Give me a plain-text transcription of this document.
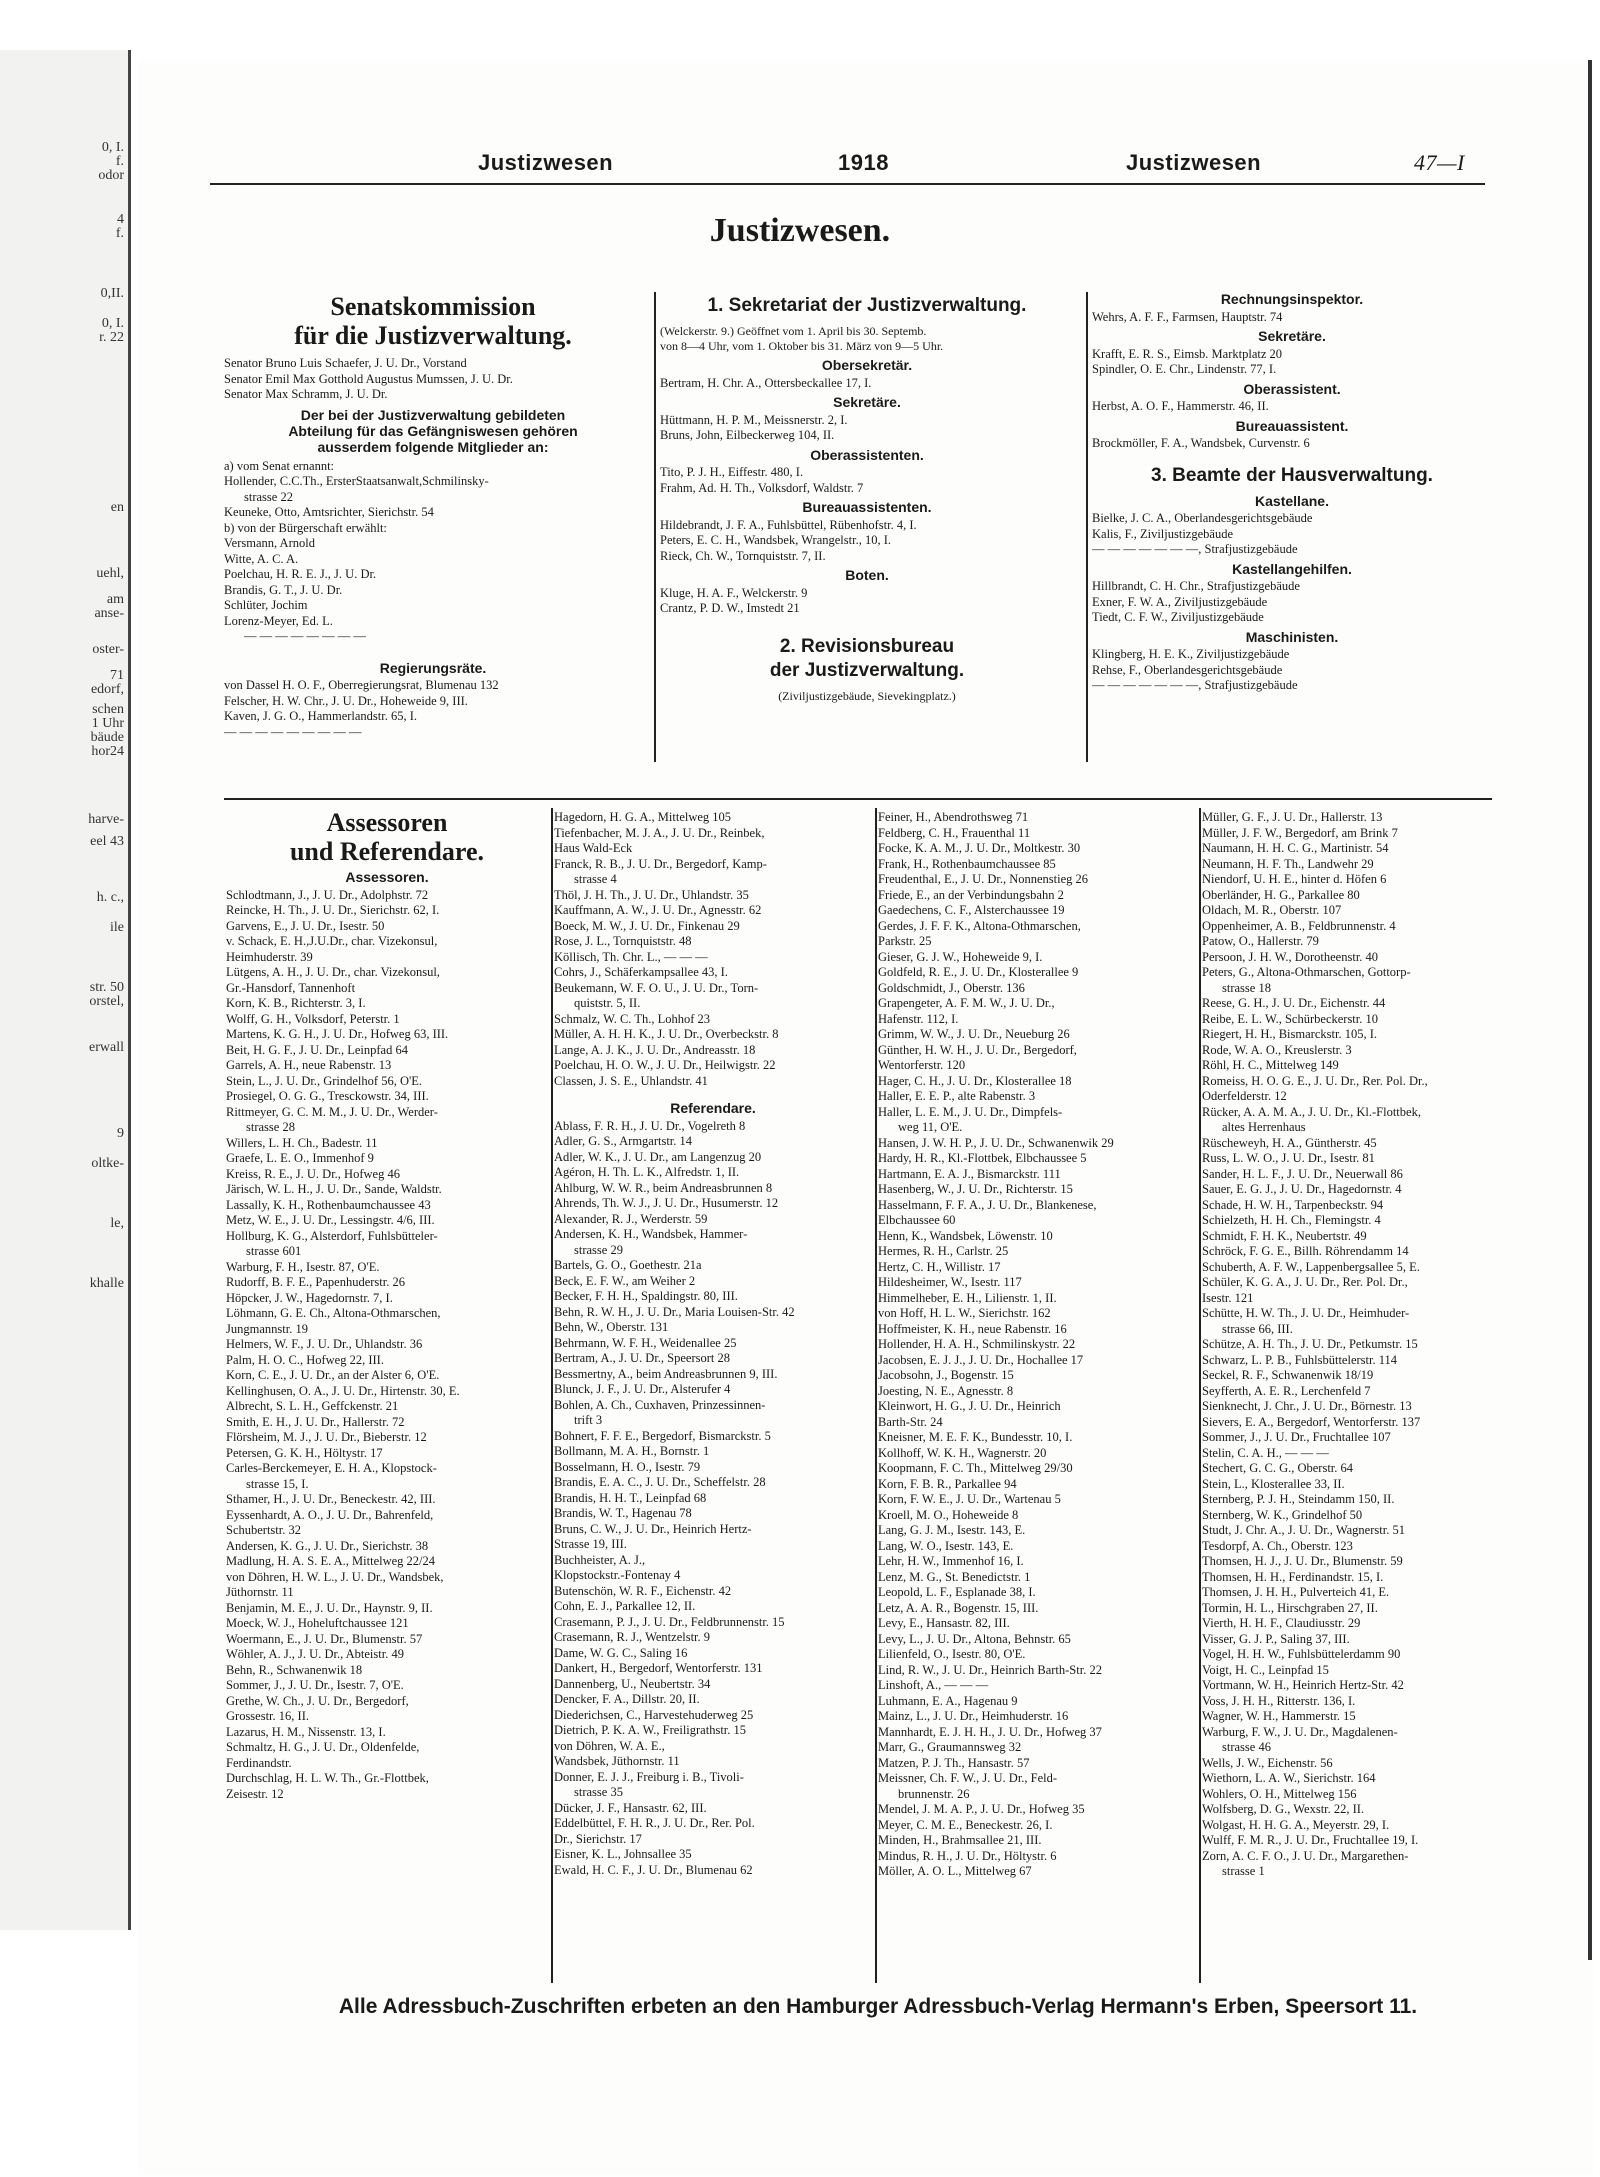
0, I.
f.
odor
4
f.
0,II.
0, I.
r. 22
en
uehl,
am
anse-
oster-
71
edorf,
schen
1 Uhr
bäude
hor24
harve-
eel 43
h. c.,
ile
str. 50
orstel,
erwall
9
oltke-
le,
khalle
Justizwesen	1918	Justizwesen	47—I
Justizwesen.
Senatskommission
für die Justizverwaltung.
Senator Bruno Luis Schaefer, J. U. Dr., Vorstand
Senator Emil Max Gotthold Augustus Mumssen, J. U. Dr.
Senator Max Schramm, J. U. Dr.
Der bei der Justizverwaltung gebildeten
Abteilung für das Gefängniswesen gehören
ausserdem folgende Mitglieder an:
a) vom Senat ernannt:
Hollender, C.C.Th., ErsterStaatsanwalt,Schmilinsky-
strasse 22
Keuneke, Otto, Amtsrichter, Sierichstr. 54
b) von der Bürgerschaft erwählt:
Versmann, Arnold
Witte, A. C. A.
Poelchau, H. R. E. J., J. U. Dr.
Brandis, G. T., J. U. Dr.
Schlüter, Jochim
Lorenz-Meyer, Ed. L.
— — — — — — — —
Regierungsräte.
von Dassel H. O. F., Oberregierungsrat, Blumenau 132
Felscher, H. W. Chr., J. U. Dr., Hoheweide 9, III.
Kaven, J. G. O., Hammerlandstr. 65, I.
— — — — — — — — —
1. Sekretariat der Justizverwaltung.
(Welckerstr. 9.) Geöffnet vom 1. April bis 30. Septemb.
von 8—4 Uhr, vom 1. Oktober bis 31. März von 9—5 Uhr.
Obersekretär.
Bertram, H. Chr. A., Ottersbeckallee 17, I.
Sekretäre.
Hüttmann, H. P. M., Meissnerstr. 2, I.
Bruns, John, Eilbeckerweg 104, II.
Oberassistenten.
Tito, P. J. H., Eiffestr. 480, I.
Frahm, Ad. H. Th., Volksdorf, Waldstr. 7
Bureauassistenten.
Hildebrandt, J. F. A., Fuhlsbüttel, Rübenhofstr. 4, I.
Peters, E. C. H., Wandsbek, Wrangelstr., 10, I.
Rieck, Ch. W., Tornquiststr. 7, II.
Boten.
Kluge, H. A. F., Welckerstr. 9
Crantz, P. D. W., Imstedt 21
2. Revisionsbureau
der Justizverwaltung.
(Ziviljustizgebäude, Sievekingplatz.)
Rechnungsinspektor.
Wehrs, A. F. F., Farmsen, Hauptstr. 74
Sekretäre.
Krafft, E. R. S., Eimsb. Marktplatz 20
Spindler, O. E. Chr., Lindenstr. 77, I.
Oberassistent.
Herbst, A. O. F., Hammerstr. 46, II.
Bureauassistent.
Brockmöller, F. A., Wandsbek, Curvenstr. 6
3. Beamte der Hausverwaltung.
Kastellane.
Bielke, J. C. A., Oberlandesgerichtsgebäude
Kalis, F., Ziviljustizgebäude
— — — — — — —, Strafjustizgebäude
Kastellangehilfen.
Hillbrandt, C. H. Chr., Strafjustizgebäude
Exner, F. W. A., Ziviljustizgebäude
Tiedt, C. F. W., Ziviljustizgebäude
Maschinisten.
Klingberg, H. E. K., Ziviljustizgebäude
Rehse, F., Oberlandesgerichtsgebäude
— — — — — — —, Strafjustizgebäude
Assessoren
und Referendare.
Assessoren.
Schlodtmann, J., J. U. Dr., Adolphstr. 72
Reincke, H. Th., J. U. Dr., Sierichstr. 62, I.
Garvens, E., J. U. Dr., Isestr. 50
v. Schack, E. H.,J.U.Dr., char. Vizekonsul,
Heimhuderstr. 39
Lütgens, A. H., J. U. Dr., char. Vizekonsul,
Gr.-Hansdorf, Tannenhoft
Korn, K. B., Richterstr. 3, I.
Wolff, G. H., Volksdorf, Peterstr. 1
Martens, K. G. H., J. U. Dr., Hofweg 63, III.
Beit, H. G. F., J. U. Dr., Leinpfad 64
Garrels, A. H., neue Rabenstr. 13
Stein, L., J. U. Dr., Grindelhof 56, O'E.
Prosiegel, O. G. G., Tresckowstr. 34, III.
Rittmeyer, G. C. M. M., J. U. Dr., Werder-
strasse 28
Willers, L. H. Ch., Badestr. 11
Graefe, L. E. O., Immenhof 9
Kreiss, R. E., J. U. Dr., Hofweg 46
Järisch, W. L. H., J. U. Dr., Sande, Waldstr.
Lassally, K. H., Rothenbaumchaussee 43
Metz, W. E., J. U. Dr., Lessingstr. 4/6, III.
Hollburg, K. G., Alsterdorf, Fuhlsbütteler-
strasse 601
Warburg, F. H., Isestr. 87, O'E.
Rudorff, B. F. E., Papenhuderstr. 26
Höpcker, J. W., Hagedornstr. 7, I.
Löhmann, G. E. Ch., Altona-Othmarschen,
Jungmannstr. 19
Helmers, W. F., J. U. Dr., Uhlandstr. 36
Palm, H. O. C., Hofweg 22, III.
Korn, C. E., J. U. Dr., an der Alster 6, O'E.
Kellinghusen, O. A., J. U. Dr., Hirtenstr. 30, E.
Albrecht, S. L. H., Geffckenstr. 21
Smith, E. H., J. U. Dr., Hallerstr. 72
Flörsheim, M. J., J. U. Dr., Bieberstr. 12
Petersen, G. K. H., Höltystr. 17
Carles-Berckemeyer, E. H. A., Klopstock-
strasse 15, I.
Sthamer, H., J. U. Dr., Beneckestr. 42, III.
Eyssenhardt, A. O., J. U. Dr., Bahrenfeld,
Schubertstr. 32
Andersen, K. G., J. U. Dr., Sierichstr. 38
Madlung, H. A. S. E. A., Mittelweg 22/24
von Döhren, H. W. L., J. U. Dr., Wandsbek,
Jüthornstr. 11
Benjamin, M. E., J. U. Dr., Haynstr. 9, II.
Moeck, W. J., Hoheluftchaussee 121
Woermann, E., J. U. Dr., Blumenstr. 57
Wöhler, A. J., J. U. Dr., Abteistr. 49
Behn, R., Schwanenwik 18
Sommer, J., J. U. Dr., Isestr. 7, O'E.
Grethe, W. Ch., J. U. Dr., Bergedorf,
Grossestr. 16, II.
Lazarus, H. M., Nissenstr. 13, I.
Schmaltz, H. G., J. U. Dr., Oldenfelde,
Ferdinandstr.
Durchschlag, H. L. W. Th., Gr.-Flottbek,
Zeisestr. 12
Hagedorn, H. G. A., Mittelweg 105
Tiefenbacher, M. J. A., J. U. Dr., Reinbek,
Haus Wald-Eck
Franck, R. B., J. U. Dr., Bergedorf, Kamp-
strasse 4
Thöl, J. H. Th., J. U. Dr., Uhlandstr. 35
Kauffmann, A. W., J. U. Dr., Agnesstr. 62
Boeck, M. W., J. U. Dr., Finkenau 29
Rose, J. L., Tornquiststr. 48
Köllisch, Th. Chr. L., — — —
Cohrs, J., Schäferkampsallee 43, I.
Beukemann, W. F. O. U., J. U. Dr., Torn-
quiststr. 5, II.
Schmalz, W. C. Th., Lohhof 23
Müller, A. H. H. K., J. U. Dr., Overbeckstr. 8
Lange, A. J. K., J. U. Dr., Andreasstr. 18
Poelchau, H. O. W., J. U. Dr., Heilwigstr. 22
Classen, J. S. E., Uhlandstr. 41
Referendare.
Ablass, F. R. H., J. U. Dr., Vogelreth 8
Adler, G. S., Armgartstr. 14
Adler, W. K., J. U. Dr., am Langenzug 20
Agéron, H. Th. L. K., Alfredstr. 1, II.
Ahlburg, W. W. R., beim Andreasbrunnen 8
Ahrends, Th. W. J., J. U. Dr., Husumerstr. 12
Alexander, R. J., Werderstr. 59
Andersen, K. H., Wandsbek, Hammer-
strasse 29
Bartels, G. O., Goethestr. 21a
Beck, E. F. W., am Weiher 2
Becker, F. H. H., Spaldingstr. 80, III.
Behn, R. W. H., J. U. Dr., Maria Louisen-Str. 42
Behn, W., Oberstr. 131
Behrmann, W. F. H., Weidenallee 25
Bertram, A., J. U. Dr., Speersort 28
Bessmertny, A., beim Andreasbrunnen 9, III.
Blunck, J. F., J. U. Dr., Alsterufer 4
Bohlen, A. Ch., Cuxhaven, Prinzessinnen-
trift 3
Bohnert, F. F. E., Bergedorf, Bismarckstr. 5
Bollmann, M. A. H., Bornstr. 1
Bosselmann, H. O., Isestr. 79
Brandis, E. A. C., J. U. Dr., Scheffelstr. 28
Brandis, H. H. T., Leinpfad 68
Brandis, W. T., Hagenau 78
Bruns, C. W., J. U. Dr., Heinrich Hertz-
Strasse 19, III.
Buchheister, A. J.,
Klopstockstr.-Fontenay 4
Butenschön, W. R. F., Eichenstr. 42
Cohn, E. J., Parkallee 12, II.
Crasemann, P. J., J. U. Dr., Feldbrunnenstr. 15
Crasemann, R. J., Wentzelstr. 9
Dame, W. G. C., Saling 16
Dankert, H., Bergedorf, Wentorferstr. 131
Dannenberg, U., Neubertstr. 34
Dencker, F. A., Dillstr. 20, II.
Diederichsen, C., Harvestehuderweg 25
Dietrich, P. K. A. W., Freiligrathstr. 15
von Döhren, W. A. E.,
Wandsbek, Jüthornstr. 11
Donner, E. J. J., Freiburg i. B., Tivoli-
strasse 35
Dücker, J. F., Hansastr. 62, III.
Eddelbüttel, F. H. R., J. U. Dr., Rer. Pol.
Dr., Sierichstr. 17
Eisner, K. L., Johnsallee 35
Ewald, H. C. F., J. U. Dr., Blumenau 62
Feiner, H., Abendrothsweg 71
Feldberg, C. H., Frauenthal 11
Focke, K. A. M., J. U. Dr., Moltkestr. 30
Frank, H., Rothenbaumchaussee 85
Freudenthal, E., J. U. Dr., Nonnenstieg 26
Friede, E., an der Verbindungsbahn 2
Gaedechens, C. F., Alsterchaussee 19
Gerdes, J. F. F. K., Altona-Othmarschen,
Parkstr. 25
Gieser, G. J. W., Hoheweide 9, I.
Goldfeld, R. E., J. U. Dr., Klosterallee 9
Goldschmidt, J., Oberstr. 136
Grapengeter, A. F. M. W., J. U. Dr.,
Hafenstr. 112, I.
Grimm, W. W., J. U. Dr., Neueburg 26
Günther, H. W. H., J. U. Dr., Bergedorf,
Wentorferstr. 120
Hager, C. H., J. U. Dr., Klosterallee 18
Haller, E. E. P., alte Rabenstr. 3
Haller, L. E. M., J. U. Dr., Dimpfels-
weg 11, O'E.
Hansen, J. W. H. P., J. U. Dr., Schwanenwik 29
Hardy, H. R., Kl.-Flottbek, Elbchaussee 5
Hartmann, E. A. J., Bismarckstr. 111
Hasenberg, W., J. U. Dr., Richterstr. 15
Hasselmann, F. F. A., J. U. Dr., Blankenese,
Elbchaussee 60
Henn, K., Wandsbek, Löwenstr. 10
Hermes, R. H., Carlstr. 25
Hertz, C. H., Willistr. 17
Hildesheimer, W., Isestr. 117
Himmelheber, E. H., Lilienstr. 1, II.
von Hoff, H. L. W., Sierichstr. 162
Hoffmeister, K. H., neue Rabenstr. 16
Hollender, H. A. H., Schmilinskystr. 22
Jacobsen, E. J. J., J. U. Dr., Hochallee 17
Jacobsohn, J., Bogenstr. 15
Joesting, N. E., Agnesstr. 8
Kleinwort, H. G., J. U. Dr., Heinrich
Barth-Str. 24
Kneisner, M. E. F. K., Bundesstr. 10, I.
Kollhoff, W. K. H., Wagnerstr. 20
Koopmann, F. C. Th., Mittelweg 29/30
Korn, F. B. R., Parkallee 94
Korn, F. W. E., J. U. Dr., Wartenau 5
Kroell, M. O., Hoheweide 8
Lang, G. J. M., Isestr. 143, E.
Lang, W. O., Isestr. 143, E.
Lehr, H. W., Immenhof 16, I.
Lenz, M. G., St. Benedictstr. 1
Leopold, L. F., Esplanade 38, I.
Letz, A. A. R., Bogenstr. 15, III.
Levy, E., Hansastr. 82, III.
Levy, L., J. U. Dr., Altona, Behnstr. 65
Lilienfeld, O., Isestr. 80, O'E.
Lind, R. W., J. U. Dr., Heinrich Barth-Str. 22
Linshoft, A., — — —
Luhmann, E. A., Hagenau 9
Mainz, L., J. U. Dr., Heimhuderstr. 16
Mannhardt, E. J. H. H., J. U. Dr., Hofweg 37
Marr, G., Graumannsweg 32
Matzen, P. J. Th., Hansastr. 57
Meissner, Ch. F. W., J. U. Dr., Feld-
brunnenstr. 26
Mendel, J. M. A. P., J. U. Dr., Hofweg 35
Meyer, C. M. E., Beneckestr. 26, I.
Minden, H., Brahmsallee 21, III.
Mindus, R. H., J. U. Dr., Höltystr. 6
Möller, A. O. L., Mittelweg 67
Müller, G. F., J. U. Dr., Hallerstr. 13
Müller, J. F. W., Bergedorf, am Brink 7
Naumann, H. H. C. G., Martinistr. 54
Neumann, H. F. Th., Landwehr 29
Niendorf, U. H. E., hinter d. Höfen 6
Oberländer, H. G., Parkallee 80
Oldach, M. R., Oberstr. 107
Oppenheimer, A. B., Feldbrunnenstr. 4
Patow, O., Hallerstr. 79
Persoon, J. H. W., Dorotheenstr. 40
Peters, G., Altona-Othmarschen, Gottorp-
strasse 18
Reese, G. H., J. U. Dr., Eichenstr. 44
Reibe, E. L. W., Schürbeckerstr. 10
Riegert, H. H., Bismarckstr. 105, I.
Rode, W. A. O., Kreuslerstr. 3
Röhl, H. C., Mittelweg 149
Romeiss, H. O. G. E., J. U. Dr., Rer. Pol. Dr.,
Oderfelderstr. 12
Rücker, A. A. M. A., J. U. Dr., Kl.-Flottbek,
altes Herrenhaus
Rüscheweyh, H. A., Güntherstr. 45
Russ, L. W. O., J. U. Dr., Isestr. 81
Sander, H. L. F., J. U. Dr., Neuerwall 86
Sauer, E. G. J., J. U. Dr., Hagedornstr. 4
Schade, H. W. H., Tarpenbeckstr. 94
Schielzeth, H. H. Ch., Flemingstr. 4
Schmidt, F. H. K., Neubertstr. 49
Schröck, F. G. E., Billh. Röhrendamm 14
Schuberth, A. F. W., Lappenbergsallee 5, E.
Schüler, K. G. A., J. U. Dr., Rer. Pol. Dr.,
Isestr. 121
Schütte, H. W. Th., J. U. Dr., Heimhuder-
strasse 66, III.
Schütze, A. H. Th., J. U. Dr., Petkumstr. 15
Schwarz, L. P. B., Fuhlsbüttelerstr. 114
Seckel, R. F., Schwanenwik 18/19
Seyfferth, A. E. R., Lerchenfeld 7
Sienknecht, J. Chr., J. U. Dr., Börnestr. 13
Sievers, E. A., Bergedorf, Wentorferstr. 137
Sommer, J., J. U. Dr., Fruchtallee 107
Stelin, C. A. H., — — —
Stechert, G. C. G., Oberstr. 64
Stein, L., Klosterallee 33, II.
Sternberg, P. J. H., Steindamm 150, II.
Sternberg, W. K., Grindelhof 50
Studt, J. Chr. A., J. U. Dr., Wagnerstr. 51
Tesdorpf, A. Ch., Oberstr. 123
Thomsen, H. J., J. U. Dr., Blumenstr. 59
Thomsen, H. H., Ferdinandstr. 15, I.
Thomsen, J. H. H., Pulverteich 41, E.
Tormin, H. L., Hirschgraben 27, II.
Vierth, H. H. F., Claudiusstr. 29
Visser, G. J. P., Saling 37, III.
Vogel, H. H. W., Fuhlsbüttelerdamm 90
Voigt, H. C., Leinpfad 15
Vortmann, W. H., Heinrich Hertz-Str. 42
Voss, J. H. H., Ritterstr. 136, I.
Wagner, W. H., Hammerstr. 15
Warburg, F. W., J. U. Dr., Magdalenen-
strasse 46
Wells, J. W., Eichenstr. 56
Wiethorn, L. A. W., Sierichstr. 164
Wohlers, O. H., Mittelweg 156
Wolfsberg, D. G., Wexstr. 22, II.
Wolgast, H. H. G. A., Meyerstr. 29, I.
Wulff, F. M. R., J. U. Dr., Fruchtallee 19, I.
Zorn, A. C. F. O., J. U. Dr., Margarethen-
strasse 1
Alle Adressbuch-Zuschriften erbeten an den Hamburger Adressbuch-Verlag Hermann's Erben, Speersort 11.
